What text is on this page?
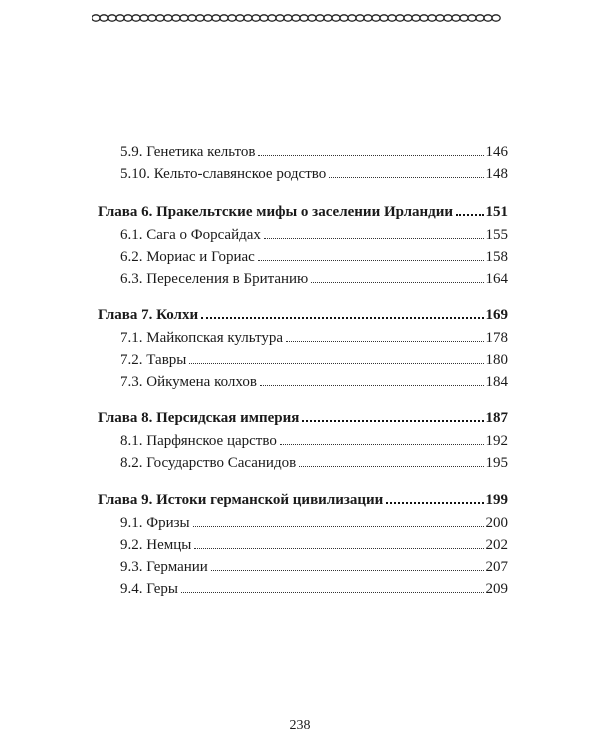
5.9. Генетика кельтов	146
5.10. Кельто-славянское родство	148
Глава 6. Пракельтские мифы о заселении Ирландии 151
6.1. Сага о Форсайдах	155
6.2. Мориас и Гориас	158
6.3. Переселения в Британию	164
Глава 7. Колхи	169
7.1. Майкопская культура	178
7.2. Тавры	180
7.3. Ойкумена колхов	184
Глава 8. Персидская империя	187
8.1. Парфянское царство	192
8.2. Государство Сасанидов	195
Глава 9. Истоки германской цивилизации	199
9.1. Фризы	200
9.2. Немцы	202
9.3. Германии	207
9.4. Геры	209
238
